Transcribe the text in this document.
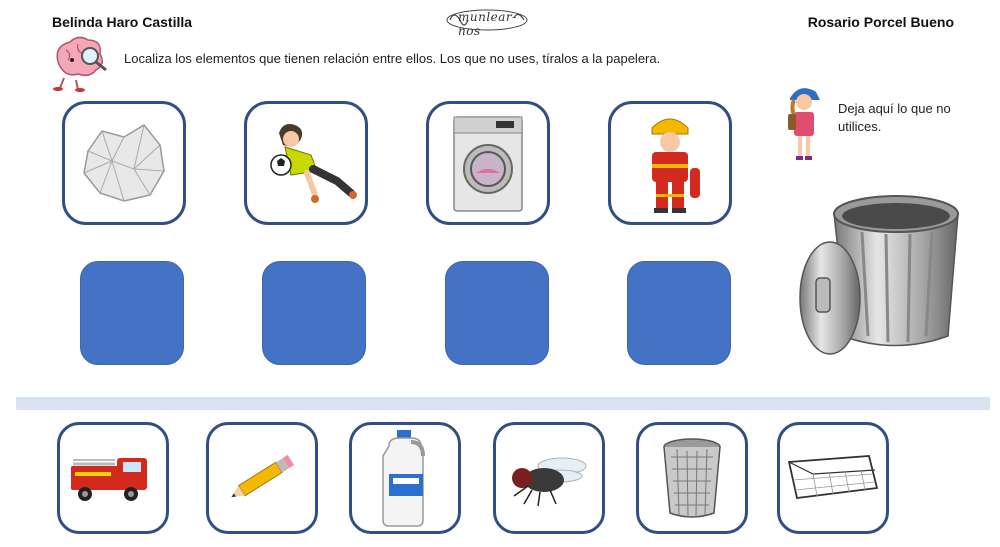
Belinda Haro Castilla	Rosario Porcel Bueno
munlear-nos
Localiza los elementos que tienen relación entre ellos. Los que no uses, tíralos a la papelera.
Deja aquí lo que no utilices.
